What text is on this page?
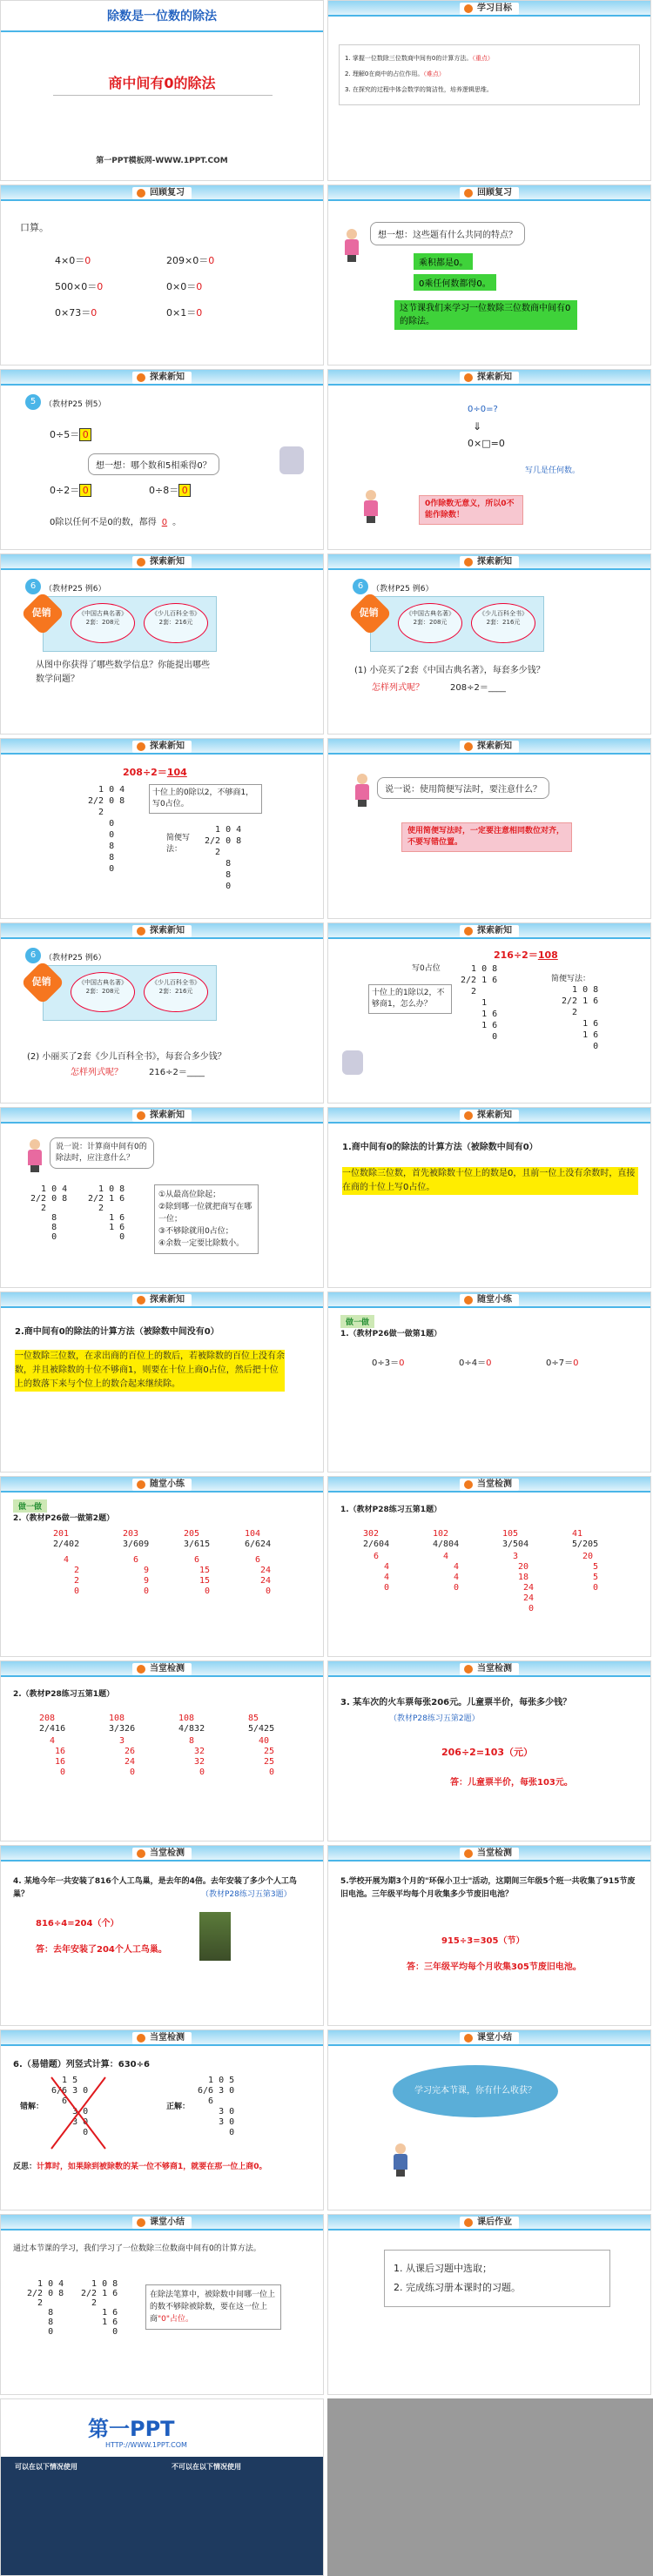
除数是一位数的除法
商中间有0的除法
第一PPT模板网-WWW.1PPT.COM
学习目标
1. 掌握一位数除三位数商中间有0的计算方法。（重点）
2. 理解0在商中的占位作用。（难点）
3. 在探究的过程中体会数学的简洁性，培养逻辑思维。
回顾复习
口算。
4×0＝0
500×0＝0
0×73＝0
209×0＝0
0×0＝0
0×1＝0
回顾复习
想一想：这些题有什么共同的特点？
乘积都是0。
0乘任何数都得0。
这节课我们来学习一位数除三位数商中间有0的除法。
探索新知
5	（教材P25 例5）
0÷5＝ 0
想一想：哪个数和5相乘得0？
0÷2＝ 0	0÷8＝ 0
0除以任何不是0的数，都得 0 。
探索新知
0÷0=?
⇓
0×□=0
写几是任何数。
0作除数无意义，所以0不能作除数！
探索新知
6	（教材P25 例6）
促销	《中国古典名著》
2套：208元
《少儿百科全书》
2套：216元
从图中你获得了哪些数学信息？你能提出哪些数学问题？
探索新知
6	（教材P25 例6）
促销	《中国古典名著》
2套：208元
《少儿百科全书》
2套：216元
(1) 小亮买了2套《中国古典名著》，每套多少钱？
怎样列式呢？	208÷2＝____
探索新知
208÷2＝104
1 0 4
2/2 0 8
2
0
0
8
8
0
十位上的0除以2，不够商1，写0占位。
简便写法：
1 0 4
2/2 0 8
2
8
8
0
探索新知
说一说：使用简便写法时，要注意什么？
使用简便写法时，一定要注意相同数位对齐，不要写错位置。
探索新知
6	（教材P25 例6）
促销	《中国古典名著》
2套：208元
《少儿百科全书》
2套：216元
(2) 小丽买了2套《少儿百科全书》，每套合多少钱？
怎样列式呢？	216÷2＝____
探索新知
216÷2＝108
写0占位	1 0 8
2/2 1 6
2
1
1 6
1 6
0
十位上的1除以2，不够商1，怎么办？
简便写法：
1 0 8
2/2 1 6
2
1 6
1 6
0
探索新知
说一说：计算商中间有0的除法时，应注意什么？
1 0 4
2/2 0 8
2
8
8
0
1 0 8
2/2 1 6
2
1 6
1 6
0
①从最高位除起；
②除到哪一位就把商写在哪一位；
③不够除就用0占位；
④余数一定要比除数小。
探索新知
1.商中间有0的除法的计算方法（被除数中间有0）
一位数除三位数，首先被除数十位上的数是0，且前一位上没有余数时，直接在商的十位上写0占位。
探索新知
2.商中间有0的除法的计算方法（被除数中间没有0）
一位数除三位数，在求出商的百位上的数后，若被除数的百位上没有余数，并且被除数的十位不够商1，则要在十位上商0占位，然后把十位上的数落下来与个位上的数合起来继续除。
随堂小练
做一做
1.（教材P26做一做第1题）
0÷3＝0	0÷4＝0	0÷7＝0
随堂小练
做一做
2.（教材P26做一做第2题）
201
2/402
203
3/609
205
3/615
104
6/624
4
2
2
0
6
9
9
0
6
15
15
0
6
24
24
0
当堂检测
1.（教材P28练习五第1题）
302
2/604
102
4/804
105
3/504
41
5/205
6
4
4
0
4
4
4
0
3
20
18
24
24
0
20
5
5
0
当堂检测
2.（教材P28练习五第1题）
208
2/416
108
3/326
108
4/832
85
5/425
4
16
16
0
3
26
24
0
8
32
32
0
40
25
25
0
当堂检测
3. 某车次的火车票每张206元。儿童票半价，每张多少钱？
（教材P28练习五第2题）
206÷2=103（元）
答：儿童票半价，每张103元。
当堂检测
4. 某地今年一共安装了816个人工鸟巢，是去年的4倍。去年安装了多少个人工鸟巢？	（教材P28练习五第3题）
816÷4=204（个）
答：去年安装了204个人工鸟巢。
当堂检测
5.学校开展为期3个月的"环保小卫士"活动，这期间三年级5个班一共收集了915节废旧电池。三年级平均每个月收集多少节废旧电池？
915÷3=305（节）
答：三年级平均每个月收集305节废旧电池。
当堂检测
6.（易错题）列竖式计算：630÷6
错解：
1 5
6/6 3 0
6
3 0
3
0
正解：
1 0 5
6/6 3 0
6
3 0
3 0
0
反思：计算时，如果除到被除数的某一位不够商1，就要在那一位上商0。
课堂小结
学习完本节课，你有什么收获？
课堂小结
通过本节课的学习，我们学习了一位数除三位数商中间有0的计算方法。
1 0 4
2/2 0 8
2
8
8
0
1 0 8
2/2 1 6
2
1 6
1 6
0
在除法笔算中，被除数中间哪一位上的数不够除被除数，要在这一位上商"0"占位。
课后作业
1. 从课后习题中选取；
2. 完成练习册本课时的习题。
第一PPT
HTTP://WWW.1PPT.COM
可以在以下情况使用	不可以在以下情况使用
